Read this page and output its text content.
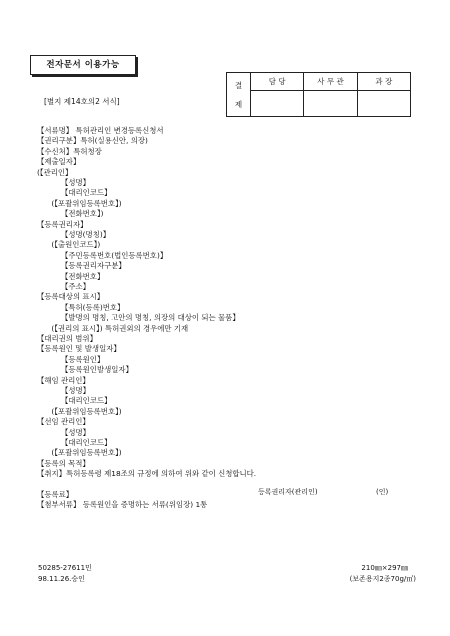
전자문서 이용가능
결
제	담 당	사 무 관	과 장

[별지 제14호의2 서식]
【서류명】 특허관리인 변경등록신청서
【권리구분】특허(실용신안, 의장)
【수신처】특허청장
【제출일자】
(【관리인】
【성명】
【대리인코드】
(【포괄위임등록번호】)
【전화번호】)
【등록권리자】
【성명(명칭)】
(【출원인코드】)
【주민등록번호(법인등록번호)】
【등록권리자구분】
【전화번호】
【주소】
【등록대상의 표시】
【특허(등록)번호】
【발명의 명칭, 고안의 명칭, 의장의 대상이 되는 물품】
(【권리의 표시】) 특허권외의 경우에만 기재
【대리권의 범위】
【등록원인 및 발생일자】
【등록원인】
【등록원인발생일자】
【해임 관리인】
【성명】
【대리인코드】
(【포괄위임등록번호】)
【선임 관리인】
【성명】
【대리인코드】
(【포괄위임등록번호】)
【등록의 목적】
【취지】특허등록령 제18조의 규정에 의하여 위와 같이 신청합니다.
【등록료】
【첨부서류】 등록원인을 증명하는 서류(위임장) 1통
등록권리자(관리인)	(인)
50285-27611민
98.11.26.승인
210㎜×297㎜
(보존용지2종70g/㎡)
